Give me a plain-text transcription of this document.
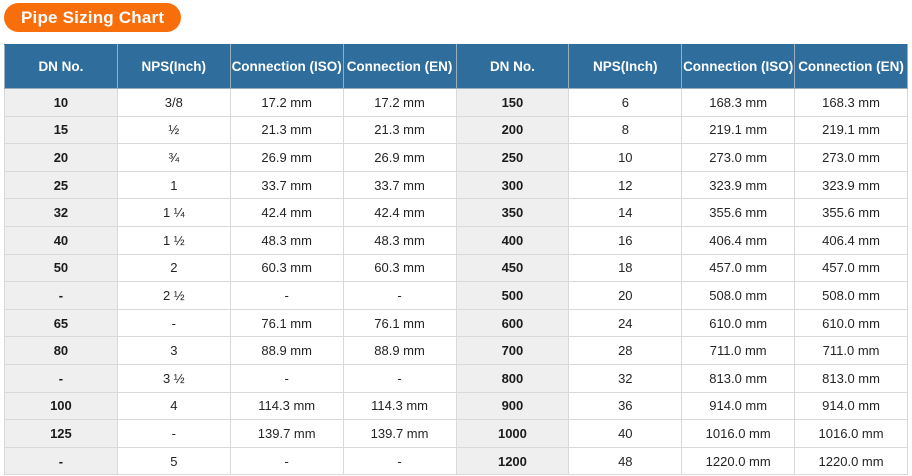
Pipe Sizing Chart
DN No.	NPS(Inch)	Connection (ISO)	Connection (EN)	DN No.	NPS(Inch)	Connection (ISO)	Connection (EN)
10	3/8	17.2 mm	17.2 mm	150	6	168.3 mm	168.3 mm
15	½	21.3 mm	21.3 mm	200	8	219.1 mm	219.1 mm
20	¾	26.9 mm	26.9 mm	250	10	273.0 mm	273.0 mm
25	1	33.7 mm	33.7 mm	300	12	323.9 mm	323.9 mm
32	1 ¼	42.4 mm	42.4 mm	350	14	355.6 mm	355.6 mm
40	1 ½	48.3 mm	48.3 mm	400	16	406.4 mm	406.4 mm
50	2	60.3 mm	60.3 mm	450	18	457.0 mm	457.0 mm
-	2 ½	-	-	500	20	508.0 mm	508.0 mm
65	-	76.1 mm	76.1 mm	600	24	610.0 mm	610.0 mm
80	3	88.9 mm	88.9 mm	700	28	711.0 mm	711.0 mm
-	3 ½	-	-	800	32	813.0 mm	813.0 mm
100	4	114.3 mm	114.3 mm	900	36	914.0 mm	914.0 mm
125	-	139.7 mm	139.7 mm	1000	40	1016.0 mm	1016.0 mm
-	5	-	-	1200	48	1220.0 mm	1220.0 mm
